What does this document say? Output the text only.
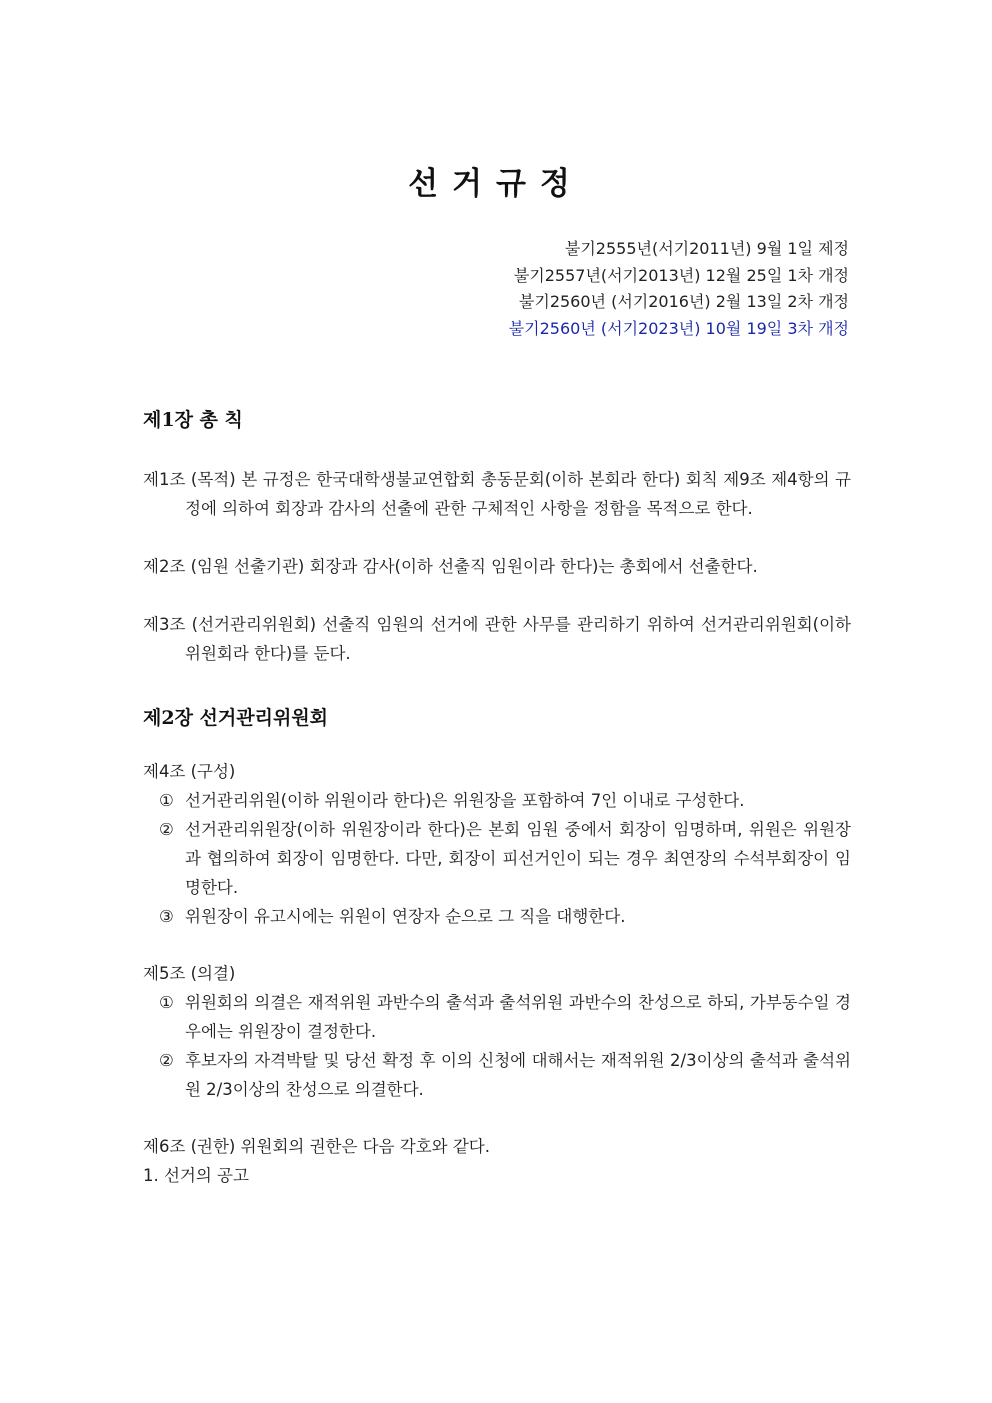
선거규정
불기2555년(서기2011년) 9월 1일 제정
불기2557년(서기2013년) 12월 25일 1차 개정
불기2560년 (서기2016년) 2월 13일 2차 개정
불기2560년 (서기2023년) 10월 19일 3차 개정
제1장 총 칙
제1조 (목적) 본 규정은 한국대학생불교연합회 총동문회(이하 본회라 한다) 회칙 제9조 제4항의 규정에 의하여 회장과 감사의 선출에 관한 구체적인 사항을 정함을 목적으로 한다.
제2조 (임원 선출기관) 회장과 감사(이하 선출직 임원이라 한다)는 총회에서 선출한다.
제3조 (선거관리위원회) 선출직 임원의 선거에 관한 사무를 관리하기 위하여 선거관리위원회(이하 위원회라 한다)를 둔다.
제2장 선거관리위원회
제4조 (구성)
① 선거관리위원(이하 위원이라 한다)은 위원장을 포함하여 7인 이내로 구성한다.
② 선거관리위원장(이하 위원장이라 한다)은 본회 임원 중에서 회장이 임명하며, 위원은 위원장과 협의하여 회장이 임명한다. 다만, 회장이 피선거인이 되는 경우 최연장의 수석부회장이 임명한다.
③ 위원장이 유고시에는 위원이 연장자 순으로 그 직을 대행한다.
제5조 (의결)
① 위원회의 의결은 재적위원 과반수의 출석과 출석위원 과반수의 찬성으로 하되, 가부동수일 경우에는 위원장이 결정한다.
② 후보자의 자격박탈 및 당선 확정 후 이의 신청에 대해서는 재적위원 2/3이상의 출석과 출석위원 2/3이상의 찬성으로 의결한다.
제6조 (권한) 위원회의 권한은 다음 각호와 같다.
1. 선거의 공고
